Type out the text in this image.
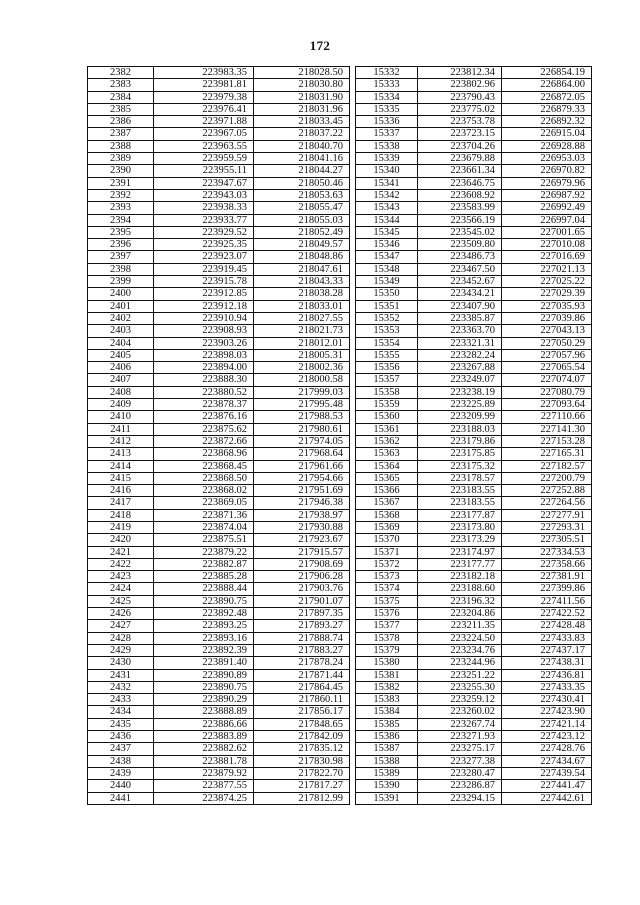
172
2382	223983.35	218028.50		15332	223812.34	226854.19
2383	223981.81	218030.80		15333	223802.96	226864.00
2384	223979.38	218031.90		15334	223790.43	226872.05
2385	223976.41	218031.96		15335	223775.02	226879.33
2386	223971.88	218033.45		15336	223753.78	226892.32
2387	223967.05	218037.22		15337	223723.15	226915.04
2388	223963.55	218040.70		15338	223704.26	226928.88
2389	223959.59	218041.16		15339	223679.88	226953.03
2390	223955.11	218044.27		15340	223661.34	226970.82
2391	223947.67	218050.46		15341	223646.75	226979.96
2392	223943.03	218053.63		15342	223608.92	226987.92
2393	223938.33	218055.47		15343	223583.99	226992.49
2394	223933.77	218055.03		15344	223566.19	226997.04
2395	223929.52	218052.49		15345	223545.02	227001.65
2396	223925.35	218049.57		15346	223509.80	227010.08
2397	223923.07	218048.86		15347	223486.73	227016.69
2398	223919.45	218047.61		15348	223467.50	227021.13
2399	223915.78	218043.33		15349	223452.67	227025.22
2400	223912.85	218038.28		15350	223434.21	227029.39
2401	223912.18	218033.01		15351	223407.90	227035.93
2402	223910.94	218027.55		15352	223385.87	227039.86
2403	223908.93	218021.73		15353	223363.70	227043.13
2404	223903.26	218012.01		15354	223321.31	227050.29
2405	223898.03	218005.31		15355	223282.24	227057.96
2406	223894.00	218002.36		15356	223267.88	227065.54
2407	223888.30	218000.58		15357	223249.07	227074.07
2408	223880.52	217999.03		15358	223238.19	227080.79
2409	223878.37	217995.48		15359	223225.89	227093.64
2410	223876.16	217988.53		15360	223209.99	227110.66
2411	223875.62	217980.61		15361	223188.03	227141.30
2412	223872.66	217974.05		15362	223179.86	227153.28
2413	223868.96	217968.64		15363	223175.85	227165.31
2414	223868.45	217961.66		15364	223175.32	227182.57
2415	223868.50	217954.66		15365	223178.57	227200.79
2416	223868.02	217951.69		15366	223183.55	227252.88
2417	223869.05	217946.38		15367	223183.55	227264.56
2418	223871.36	217938.97		15368	223177.87	227277.91
2419	223874.04	217930.88		15369	223173.80	227293.31
2420	223875.51	217923.67		15370	223173.29	227305.51
2421	223879.22	217915.57		15371	223174.97	227334.53
2422	223882.87	217908.69		15372	223177.77	227358.66
2423	223885.28	217906.28		15373	223182.18	227381.91
2424	223888.44	217903.76		15374	223188.60	227399.86
2425	223890.75	217901.07		15375	223196.32	227411.56
2426	223892.48	217897.35		15376	223204.86	227422.52
2427	223893.25	217893.27		15377	223211.35	227428.48
2428	223893.16	217888.74		15378	223224.50	227433.83
2429	223892.39	217883.27		15379	223234.76	227437.17
2430	223891.40	217878.24		15380	223244.96	227438.31
2431	223890.89	217871.44		15381	223251.22	227436.81
2432	223890.75	217864.45		15382	223255.30	227433.35
2433	223890.29	217860.11		15383	223259.12	227430.41
2434	223888.89	217856.17		15384	223260.02	227423.90
2435	223886.66	217848.65		15385	223267.74	227421.14
2436	223883.89	217842.09		15386	223271.93	227423.12
2437	223882.62	217835.12		15387	223275.17	227428.76
2438	223881.78	217830.98		15388	223277.38	227434.67
2439	223879.92	217822.70		15389	223280.47	227439.54
2440	223877.55	217817.27		15390	223286.87	227441.47
2441	223874.25	217812.99		15391	223294.15	227442.61
